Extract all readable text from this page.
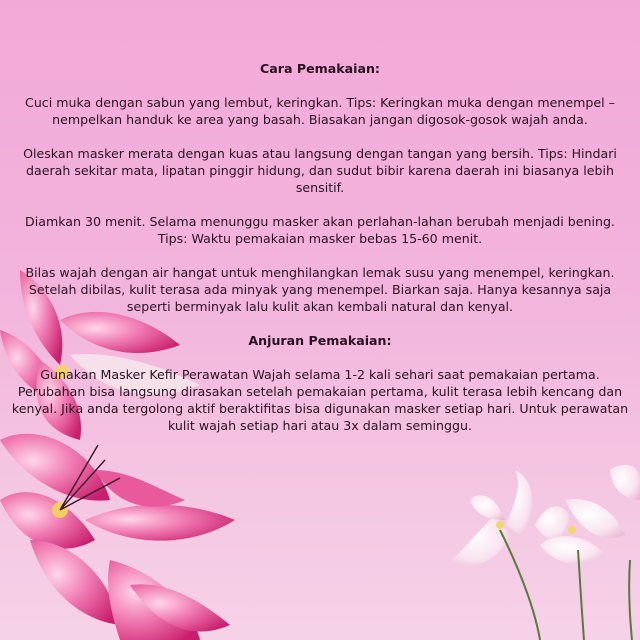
Cara Pemakaian:

Cuci muka dengan sabun yang lembut, keringkan. Tips: Keringkan muka dengan menempel – nempelkan handuk ke area yang basah. Biasakan jangan digosok-gosok wajah anda.

Oleskan masker merata dengan kuas atau langsung dengan tangan yang bersih. Tips: Hindari daerah sekitar mata, lipatan pinggir hidung, dan sudut bibir karena daerah ini biasanya lebih sensitif.

Diamkan 30 menit. Selama menunggu masker akan perlahan-lahan berubah menjadi bening. Tips: Waktu pemakaian masker bebas 15-60 menit.

Bilas wajah dengan air hangat untuk menghilangkan lemak susu yang menempel, keringkan.

Setelah dibilas, kulit terasa ada minyak yang menempel. Biarkan saja. Hanya kesannya saja seperti berminyak lalu kulit akan kembali natural dan kenyal.

Anjuran Pemakaian:

Gunakan Masker Kefir Perawatan Wajah selama 1-2 kali sehari saat pemakaian pertama. Perubahan bisa langsung dirasakan setelah pemakaian pertama, kulit terasa lebih kencang dan kenyal. Jika anda tergolong aktif beraktifitas bisa digunakan masker setiap hari. Untuk perawatan kulit wajah setiap hari atau 3x dalam seminggu.
